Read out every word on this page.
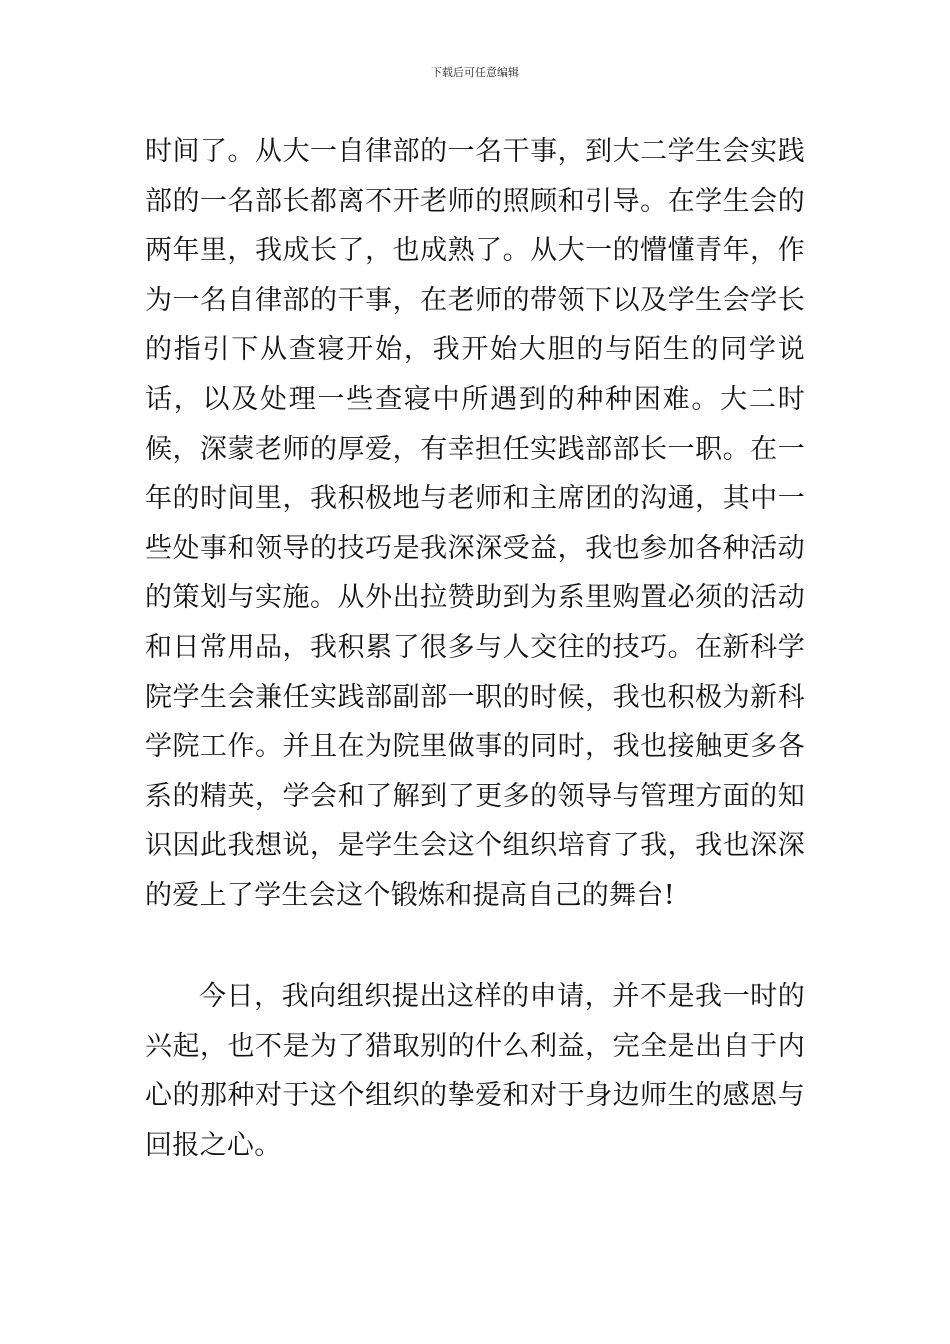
下载后可任意编辑
时间了。从大一自律部的一名干事，到大二学生会实践部的一名部长都离不开老师的照顾和引导。在学生会的两年里，我成长了，也成熟了。从大一的懵懂青年，作为一名自律部的干事，在老师的带领下以及学生会学长的指引下从查寝开始，我开始大胆的与陌生的同学说话，以及处理一些查寝中所遇到的种种困难。大二时候，深蒙老师的厚爱，有幸担任实践部部长一职。在一年的时间里，我积极地与老师和主席团的沟通，其中一些处事和领导的技巧是我深深受益，我也参加各种活动的策划与实施。从外出拉赞助到为系里购置必须的活动和日常用品，我积累了很多与人交往的技巧。在新科学院学生会兼任实践部副部一职的时候，我也积极为新科学院工作。并且在为院里做事的同时，我也接触更多各系的精英，学会和了解到了更多的领导与管理方面的知识因此我想说，是学生会这个组织培育了我，我也深深的爱上了学生会这个锻炼和提高自己的舞台!
今日，我向组织提出这样的申请，并不是我一时的兴起，也不是为了猎取别的什么利益，完全是出自于内心的那种对于这个组织的挚爱和对于身边师生的感恩与回报之心。
